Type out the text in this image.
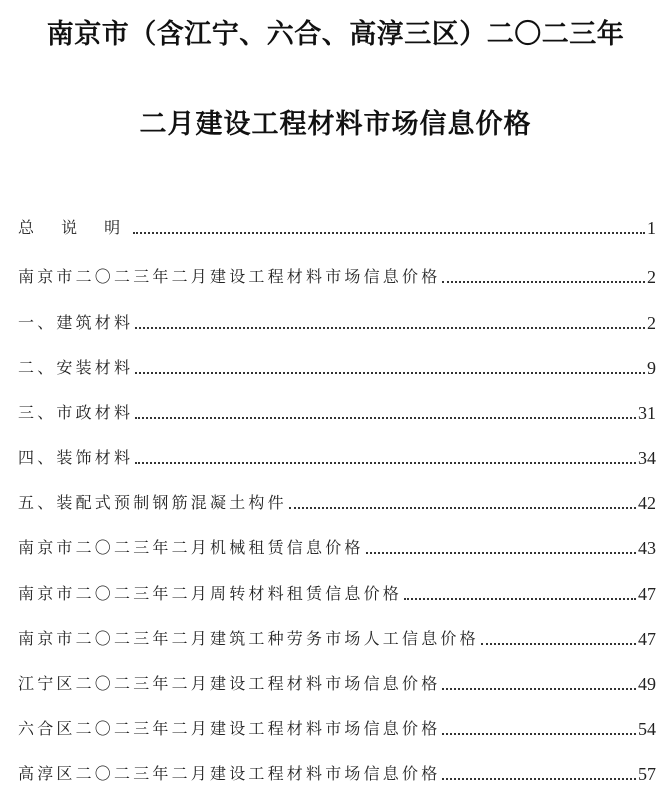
南京市（含江宁、六合、高淳三区）二〇二三年
二月建设工程材料市场信息价格
总 说 明	1
南京市二〇二三年二月建设工程材料市场信息价格	2
一、建筑材料	2
二、安装材料	9
三、市政材料	31
四、装饰材料	34
五、装配式预制钢筋混凝土构件	42
南京市二〇二三年二月机械租赁信息价格	43
南京市二〇二三年二月周转材料租赁信息价格	47
南京市二〇二三年二月建筑工种劳务市场人工信息价格	47
江宁区二〇二三年二月建设工程材料市场信息价格	49
六合区二〇二三年二月建设工程材料市场信息价格	54
高淳区二〇二三年二月建设工程材料市场信息价格	57
